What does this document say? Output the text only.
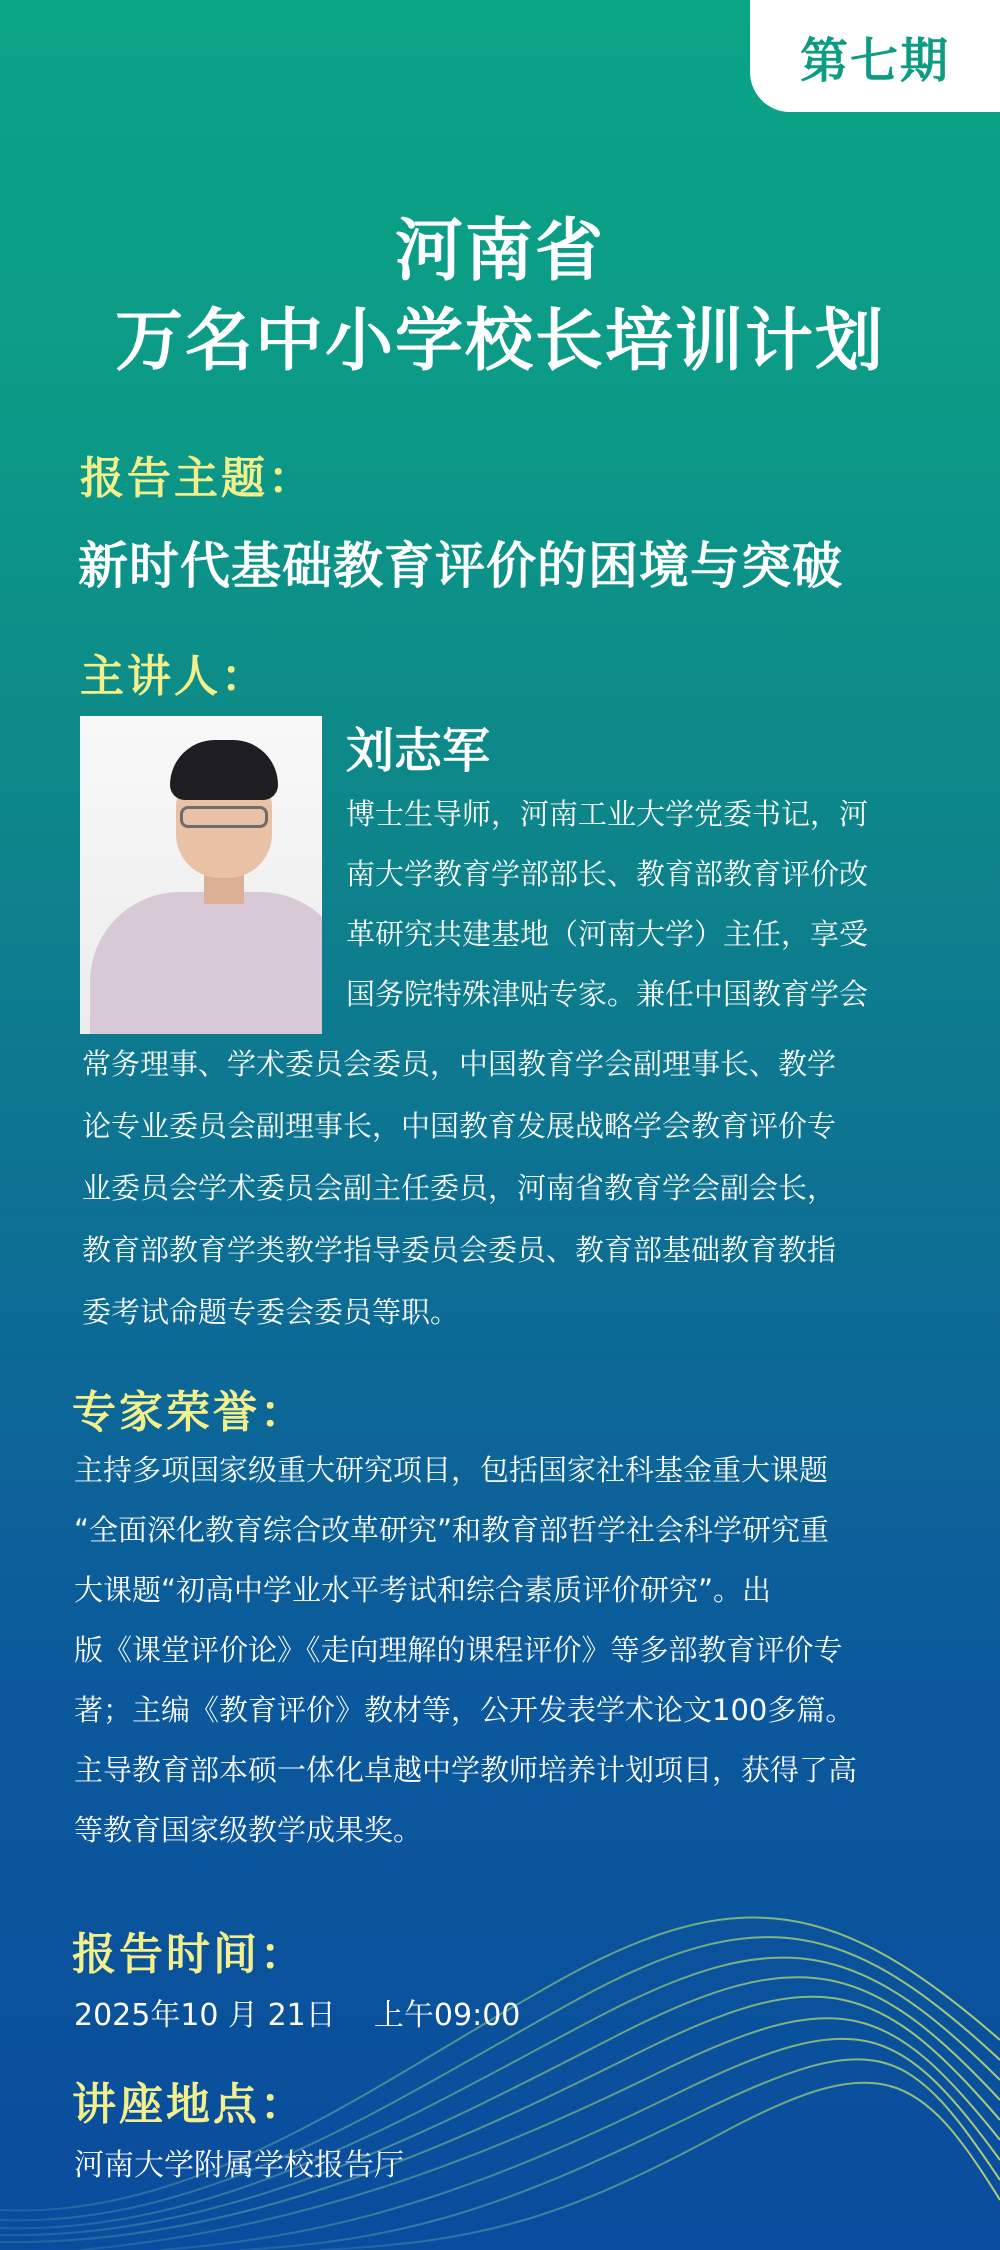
第七期
河南省
万名中小学校长培训计划
报告主题：
新时代基础教育评价的困境与突破
主讲人：
刘志军
博士生导师，河南工业大学党委书记，河
南大学教育学部部长、教育部教育评价改
革研究共建基地（河南大学）主任，享受
国务院特殊津贴专家。兼任中国教育学会
常务理事、学术委员会委员，中国教育学会副理事长、教学
论专业委员会副理事长，中国教育发展战略学会教育评价专
业委员会学术委员会副主任委员，河南省教育学会副会长，
教育部教育学类教学指导委员会委员、教育部基础教育教指
委考试命题专委会委员等职。
专家荣誉：
主持多项国家级重大研究项目，包括国家社科基金重大课题
“全面深化教育综合改革研究”和教育部哲学社会科学研究重
大课题“初高中学业水平考试和综合素质评价研究”。出
版《课堂评价论》《走向理解的课程评价》等多部教育评价专
著；主编《教育评价》教材等，公开发表学术论文100多篇。
主导教育部本硕一体化卓越中学教师培养计划项目，获得了高
等教育国家级教学成果奖。
报告时间：
2025年10 月 21日    上午09:00
讲座地点：
河南大学附属学校报告厅
